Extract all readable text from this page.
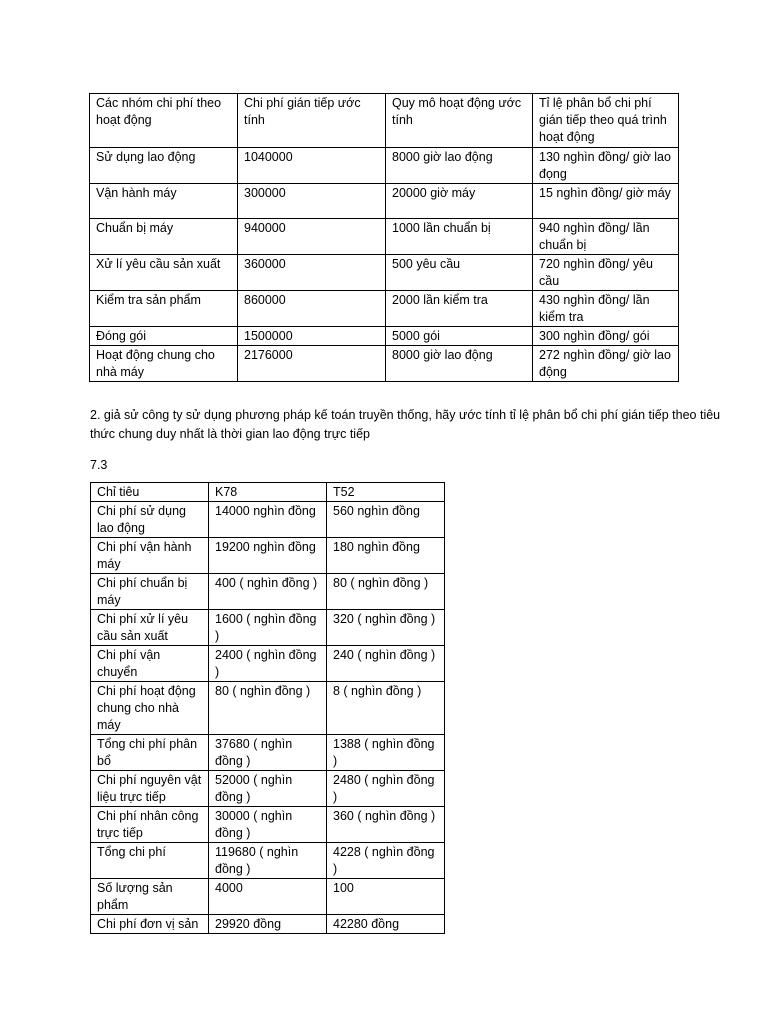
Các nhóm chi phí theo hoạt động	Chi phí gián tiếp ước tính	Quy mô hoạt động ước tính	Tỉ lệ phân bổ chi phí gián tiếp theo quá trình hoạt động
Sử dụng lao động	1040000	8000 giờ lao động	130 nghìn đồng/ giờ lao đọng
Vận hành máy	300000	20000 giờ máy	15 nghìn đồng/ giờ máy
Chuẩn bị máy	940000	1000 lần chuẩn bị	940 nghìn đồng/ lần chuẩn bị
Xử lí yêu cầu sản xuất	360000	500 yêu cầu	720 nghìn đồng/ yêu cầu
Kiểm tra sản phẩm	860000	2000 lần kiểm tra	430 nghìn đồng/ lần kiểm tra
Đóng gói	1500000	5000 gói	300 nghìn đồng/ gói
Hoạt động chung cho nhà máy	2176000	8000 giờ lao động	272 nghìn đồng/ giờ lao động
2. giả sử công ty sử dụng phương pháp kế toán truyền thống, hãy ước tính tỉ lệ phân bổ chi phí gián tiếp theo tiêu thức chung duy nhất là thời gian lao động trực tiếp
7.3
Chỉ tiêu	K78	T52
Chi phí sử dụng lao động	14000 nghìn đồng	560 nghìn đồng
Chi phí vận hành máy	19200 nghìn đồng	180 nghìn đồng
Chi phí chuẩn bị máy	400 ( nghìn đồng )	80 ( nghìn đồng )
Chi phí xử lí yêu cầu sản xuất	1600 ( nghìn đồng )	320 ( nghìn đồng )
Chi phí vận chuyển	2400 ( nghìn đồng )	240 ( nghìn đồng )
Chi phí hoạt động chung cho nhà máy	80 ( nghìn đồng )	8 ( nghìn đồng )
Tổng chi phí phân bổ	37680 ( nghìn đồng )	1388 ( nghìn đồng )
Chi phí nguyên vật liệu trực tiếp	52000 ( nghìn đồng )	2480 ( nghìn đồng )
Chi phí nhân công trực tiếp	30000 ( nghìn đồng )	360 ( nghìn đồng )
Tổng chi phí	119680 ( nghìn đồng )	4228 ( nghìn đồng )
Số lượng sản phẩm	4000	100
Chi phí đơn vị sản	29920 đồng	42280 đồng
